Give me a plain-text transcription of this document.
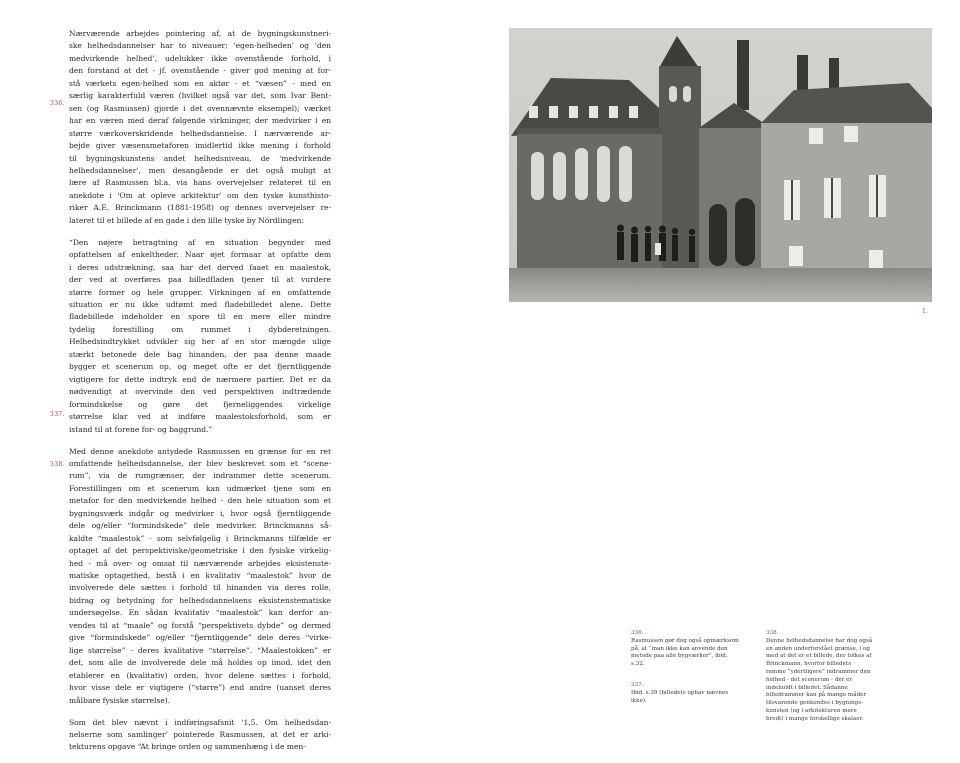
Nærværende arbejdes pointering af, at de bygningskunstneri-
ske helhedsdannelser har to niveauer; ‘egen-helheden’ og ‘den
medvirkende helhed’, udelukker ikke ovenstående forhold, i
den forstand at det - jf. ovenstående - giver god mening at for-
stå værkets egen-helhed som en aktør - et “væsen” - med en
særlig karakterfuld væren (hvilket også var det, som Ivar Bent-
sen (og Rasmussen) gjorde i det ovennævnte eksempel); værket
har en væren med deraf følgende virkninger, der medvirker i en
større værkoverskridende helhedsdannelse. I nærværende ar-
bejde giver væsensmetaforen imidlertid ikke mening i forhold
til bygningskunstens andet helhedsniveau, de ‘medvirkende
helhedsdannelser’, men desangående er det også muligt at
lære af Rasmussen bl.a. via hans overvejelser relateret til en
anekdote i ‘Om at opleve arkitektur’ om den tyske kunsthisto-
riker A.E. Brinckmann (1881-1958) og dennes overvejelser re-
lateret til et billede af en gade i den lille tyske by Nördlingen:
“Den nøjere betragtning af en situation begynder med
opfattelsen af enkeltheder. Naar øjet formaar at opfatte dem
i deres udstrækning, saa har det derved faaet en maalestok,
der ved at overføres paa billedfladen tjener til at vurdere
større former og hele grupper. Virkningen af en omfattende
situation er nu ikke udtømt med fladebilledet alene. Dette
fladebillede indeholder en spore til en mere eller mindre
tydelig forestilling om rummet i dybderetningen.
Helhedsindtrykket udvikler sig her af en stor mængde ulige
stærkt betonede dele bag hinanden, der paa denne maade
bygger et scenerum op, og meget ofte er det fjerntliggende
vigtigere for dette indtryk end de nærmere partier. Det er da
nødvendigt at overvinde den ved perspektiven indtrædende
formindskelse og gøre det fjerneliggendes virkelige
størrelse klar ved at indføre maalestoksforhold, som er
istand til at forene for- og baggrund.”
Med denne anekdote antydede Rasmussen en grænse for en ret
omfattende helhedsdannelse, der blev beskrevet som et “scene-
rum”, via de rumgrænser, der indrammer dette scenerum.
Forestillingen om et scenerum kan udmærket tjene som en
metafor for den medvirkende helhed - den hele situation som et
bygningsværk indgår og medvirker i, hvor også fjerntliggende
dele og/eller “formindskede” dele medvirker. Brinckmanns så-
kaldte “maalestok” - som selvfølgelig i Brinckmanns tilfælde er
optaget af det perspektiviske/geometriske i den fysiske virkelig-
hed - må over- og omsat til nærværende arbejdes eksistenste-
matiske optagethed, bestå i en kvalitativ “maalestok” hvor de
involverede dele sættes i forhold til hinanden via deres rolle,
bidrag og betydning for helhedsdannelsens eksistenstematiske
undersøgelse. En sådan kvalitativ “maalestok” kan derfor an-
vendes til at “maale” og forstå “perspektivets dybde” og dermed
give “formindskede” og/eller “fjerntliggende” dele deres “virke-
lige størrelse” - deres kvalitative “størrelse”. “Maalestokken” er
det, som alle de involverede dele må holdes op imod, idet den
etablerer en (kvalitativ) orden, hvor delene sættes i forhold,
hvor visse dele er vigtigere (“større”) end andre (uanset deres
målbare fysiske størrelse).
Som det blev nævnt i indføringsafsnit ‘1.5. Om helhedsdan-
nelserne som samlinger’ pointerede Rasmussen, at det er arki-
tekturens opgave “At bringe orden og sammenhæng i de men-
336.
337.
338.
1.
336.
Rasmussen gør dog også opmærksom
på, at “man ikke kan anvende den
metode paa alle bygværker”, ibid.
s.32.
337.
Ibid. s.39 (billedets ophav nævnes
ikke).
338.
Denne helhedsdannelse har dog også
en anden underforstået grænse, i og
med at det er et billede, der tolkes af
Brinckmann, hvorfor billedets
ramme “ydertligere” indrammer den
helhed - det scenerum - der er
indeholdt i billedet. Sådanne
billedrammer kan på mange måder
tilsvarende genkendes i bygnings-
kunsten (og i arkitekturen mere
bredt) i mange forskellige skalaer.
